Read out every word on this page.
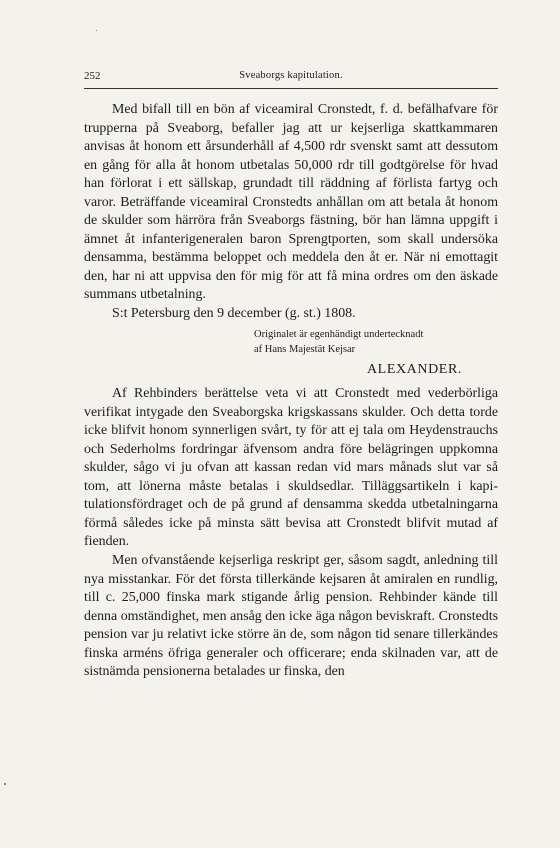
252	Sveaborgs kapitulation.

Med bifall till en bön af viceamiral Cronstedt, f. d. befälhafvare för trupperna på Sveaborg, befaller jag att ur kejserliga skattkammaren anvisas åt honom ett årsunderhåll af 4,500 rdr svenskt samt att dessutom en gång för alla åt honom utbetalas 50,000 rdr till godtgörelse för hvad han förlorat i ett sällskap, grundadt till räddning af förlista fartyg och varor. Beträffande viceamiral Cronstedts anhållan om att betala åt honom de skulder som härröra från Sveaborgs fästning, bör han lämna uppgift i ämnet åt infanterigeneralen baron Sprengtporten, som skall undersöka densamma, bestämma beloppet och meddela den åt er. När ni emottagit den, har ni att uppvisa den för mig för att få mina ordres om den äskade summans utbetalning.

S:t Petersburg den 9 december (g. st.) 1808.

Originalet är egenhändigt undertecknadt
af Hans Majestät Kejsar
ALEXANDER.

Af Rehbinders berättelse veta vi att Cronstedt med vederbörliga verifikat intygade den Sveaborgska krigskassans skulder. Och detta torde icke blifvit honom synnerligen svårt, ty för att ej tala om Heydenstrauchs och Sederholms fordringar äfvensom andra före belägringen uppkomna skulder, sågo vi ju ofvan att kassan redan vid mars månads slut var så tom, att lönerna måste betalas i skuldsedlar. Tilläggsartikeln i kapitulationsfördraget och de på grund af densamma skedda utbetalningarna förmå således icke på minsta sätt bevisa att Cronstedt blifvit mutad af fienden.

Men ofvanstående kejserliga reskript ger, såsom sagdt, anledning till nya misstankar. För det första tillerkände kejsaren åt amiralen en rundlig, till c. 25,000 finska mark stigande årlig pension. Rehbinder kände till denna omständighet, men ansåg den icke äga någon beviskraft. Cronstedts pension var ju relativt icke större än de, som någon tid senare tillerkändes finska arméns öfriga generaler och officerare; enda skilnaden var, att de sistnämda pensionerna betalades ur finska, den
